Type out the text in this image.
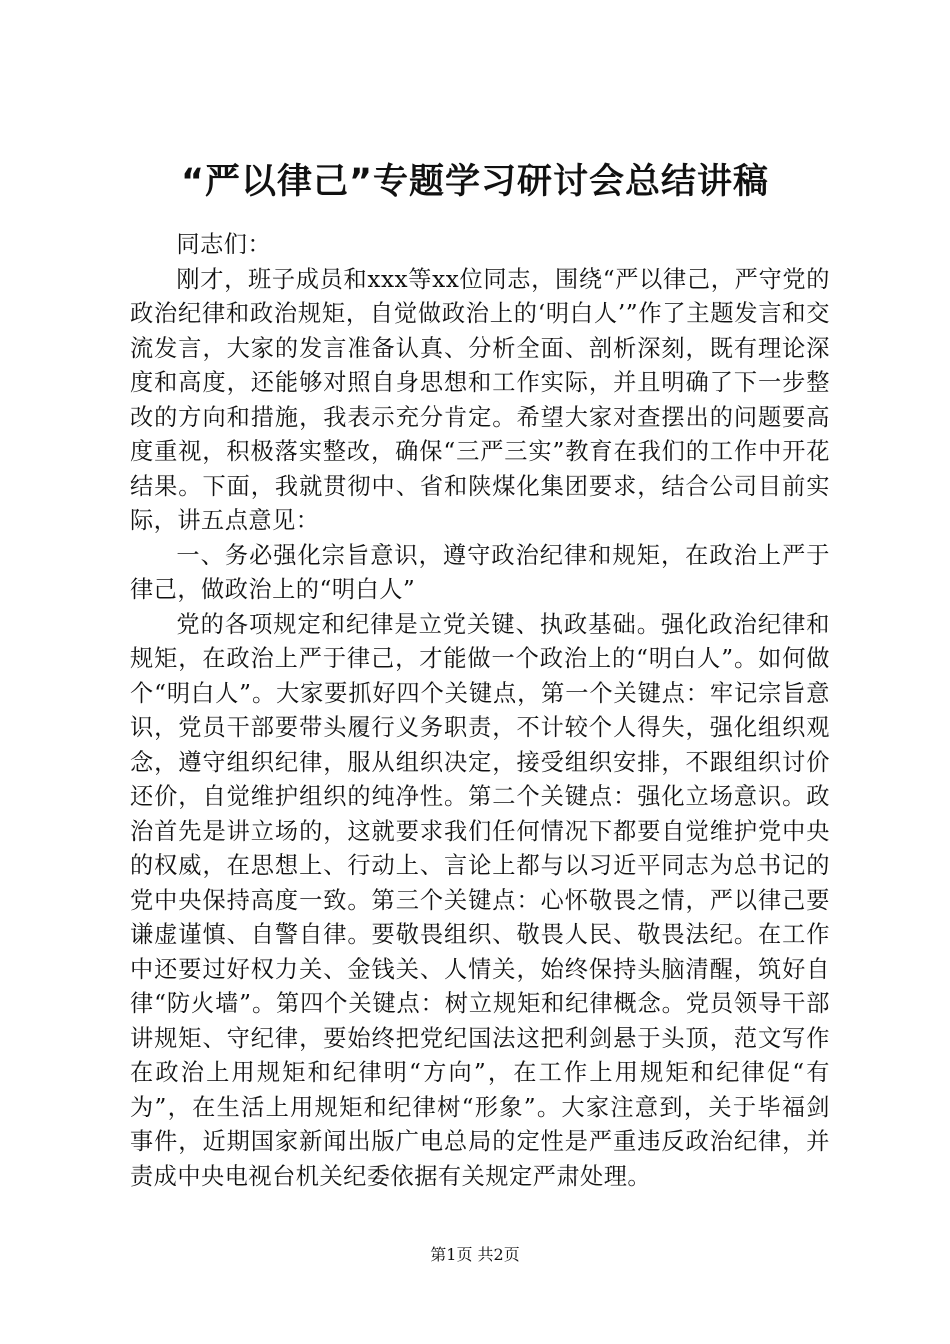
“严以律己”专题学习研讨会总结讲稿

同志们：

刚才，班子成员和xxx等xx位同志，围绕“严以律己，严守党的政治纪律和政治规矩，自觉做政治上的‘明白人’”作了主题发言和交流发言，大家的发言准备认真、分析全面、剖析深刻，既有理论深度和高度，还能够对照自身思想和工作实际，并且明确了下一步整改的方向和措施，我表示充分肯定。希望大家对查摆出的问题要高度重视，积极落实整改，确保“三严三实”教育在我们的工作中开花结果。下面，我就贯彻中、省和陕煤化集团要求，结合公司目前实际，讲五点意见：

一、务必强化宗旨意识，遵守政治纪律和规矩，在政治上严于律己，做政治上的“明白人”

党的各项规定和纪律是立党关键、执政基础。强化政治纪律和规矩，在政治上严于律己，才能做一个政治上的“明白人”。如何做个“明白人”。大家要抓好四个关键点，第一个关键点：牢记宗旨意识，党员干部要带头履行义务职责，不计较个人得失，强化组织观念，遵守组织纪律，服从组织决定，接受组织安排，不跟组织讨价还价，自觉维护组织的纯净性。第二个关键点：强化立场意识。政治首先是讲立场的，这就要求我们任何情况下都要自觉维护党中央的权威，在思想上、行动上、言论上都与以习近平同志为总书记的党中央保持高度一致。第三个关键点：心怀敬畏之情，严以律己要谦虚谨慎、自警自律。要敬畏组织、敬畏人民、敬畏法纪。在工作中还要过好权力关、金钱关、人情关，始终保持头脑清醒，筑好自律“防火墙”。第四个关键点：树立规矩和纪律概念。党员领导干部讲规矩、守纪律，要始终把党纪国法这把利剑悬于头顶，范文写作在政治上用规矩和纪律明“方向”，在工作上用规矩和纪律促“有为”，在生活上用规矩和纪律树“形象”。大家注意到，关于毕福剑事件，近期国家新闻出版广电总局的定性是严重违反政治纪律，并责成中央电视台机关纪委依据有关规定严肃处理。

第1页 共2页
